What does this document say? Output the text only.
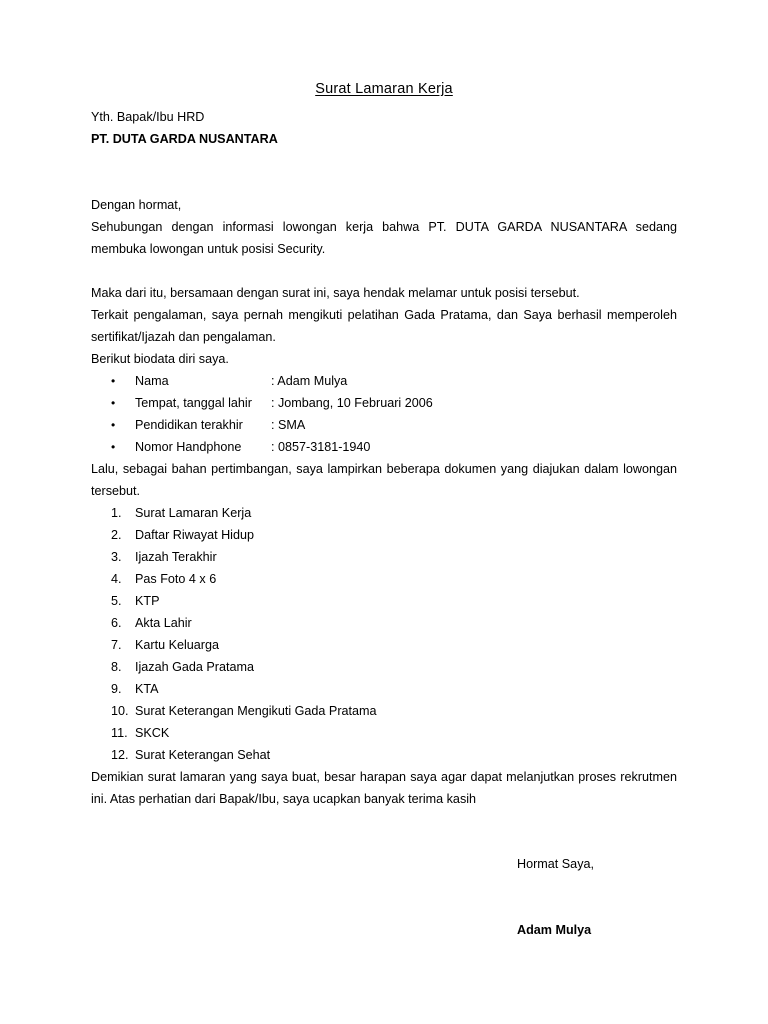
Surat Lamaran Kerja

Yth. Bapak/Ibu HRD

PT. DUTA GARDA NUSANTARA

Dengan hormat,

Sehubungan dengan informasi lowongan kerja bahwa PT. DUTA GARDA NUSANTARA sedang membuka lowongan untuk posisi Security.

Maka dari itu, bersamaan dengan surat ini, saya hendak melamar untuk posisi tersebut.

Terkait pengalaman, saya pernah mengikuti pelatihan Gada Pratama, dan Saya berhasil memperoleh sertifikat/Ijazah dan pengalaman.

Berikut biodata diri saya.

•	Nama	: Adam Mulya
•	Tempat, tanggal lahir	: Jombang, 10 Februari 2006
•	Pendidikan terakhir	: SMA
•	Nomor Handphone	: 0857-3181-1940

Lalu, sebagai bahan pertimbangan, saya lampirkan beberapa dokumen yang diajukan dalam lowongan tersebut.

1.	Surat Lamaran Kerja
2.	Daftar Riwayat Hidup
3.	Ijazah Terakhir
4.	Pas Foto 4 x 6
5.	KTP
6.	Akta Lahir
7.	Kartu Keluarga
8.	Ijazah Gada Pratama
9.	KTA
10. Surat Keterangan Mengikuti Gada Pratama
11. SKCK
12. Surat Keterangan Sehat

Demikian surat lamaran yang saya buat, besar harapan saya agar dapat melanjutkan proses rekrutmen ini. Atas perhatian dari Bapak/Ibu, saya ucapkan banyak terima kasih

Hormat Saya,
Adam Mulya
